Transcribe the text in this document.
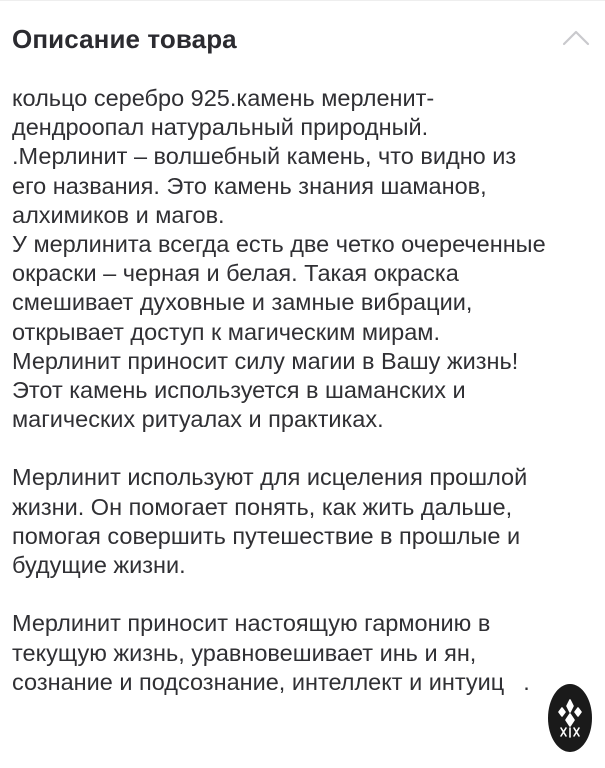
Описание товара
кольцо серебро 925.камень мерленит-
дендроопал натуральный природный.
.Мерлинит – волшебный камень, что видно из
его названия. Это камень знания шаманов,
алхимиков и магов.
У мерлинита всегда есть две четко очереченные
окраски – черная и белая. Такая окраска
смешивает духовные и замные вибрации,
открывает доступ к магическим мирам.
Мерлинит приносит силу магии в Вашу жизнь!
Этот камень используется в шаманских и
магических ритуалах и практиках.
Мерлинит используют для исцеления прошлой
жизни. Он помогает понять, как жить дальше,
помогая совершить путешествие в прошлые и
будущие жизни.
Мерлинит приносит настоящую гармонию в
текущую жизнь, уравновешивает инь и ян,
сознание и подсознание, интеллект и интуиц .
